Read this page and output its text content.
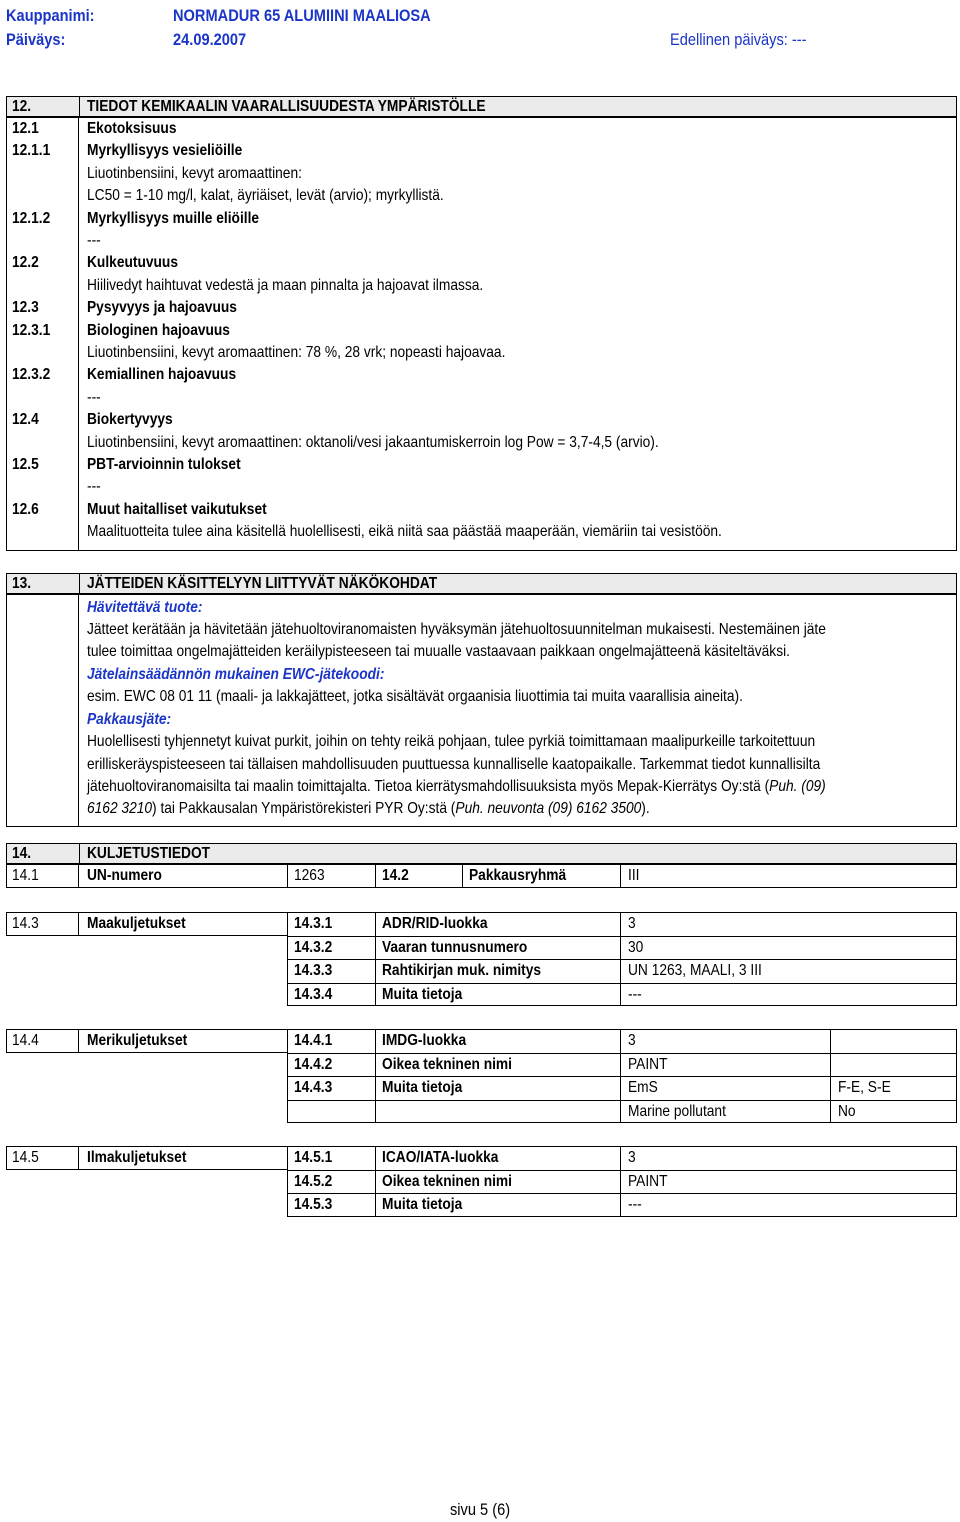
Kauppanimi:	NORMADUR 65 ALUMIINI MAALIOSA
Päiväys:	24.09.2007	Edellinen päiväys: ---
12.	TIEDOT KEMIKAALIN VAARALLISUUDESTA YMPÄRISTÖLLE
12.1	Ekotoksisuus
12.1.1 Myrkyllisyys vesieliöille
Liuotinbensiini, kevyt aromaattinen:
LC50 = 1-10 mg/l, kalat, äyriäiset, levät (arvio); myrkyllistä.
12.1.2 Myrkyllisyys muille eliöille
---
12.2	Kulkeutuvuus
Hiilivedyt haihtuvat vedestä ja maan pinnalta ja hajoavat ilmassa.
12.3	Pysyvyys ja hajoavuus
12.3.1 Biologinen hajoavuus
Liuotinbensiini, kevyt aromaattinen: 78 %, 28 vrk; nopeasti hajoavaa.
12.3.2 Kemiallinen hajoavuus
---
12.4	Biokertyvyys
Liuotinbensiini, kevyt aromaattinen: oktanoli/vesi jakaantumiskerroin log Pow = 3,7-4,5 (arvio).
12.5	PBT-arvioinnin tulokset
---
12.6	Muut haitalliset vaikutukset
Maalituotteita tulee aina käsitellä huolellisesti, eikä niitä saa päästää maaperään, viemäriin tai vesistöön.
13.	JÄTTEIDEN KÄSITTELYYN LIITTYVÄT NÄKÖKOHDAT
Hävitettävä tuote:
Jätteet kerätään ja hävitetään jätehuoltoviranomaisten hyväksymän jätehuoltosuunnitelman mukaisesti. Nestemäinen jäte
tulee toimittaa ongelmajätteiden keräilypisteeseen tai muualle vastaavaan paikkaan ongelmajätteenä käsiteltäväksi.
Jätelainsäädännön mukainen EWC-jätekoodi:
esim. EWC 08 01 11 (maali- ja lakkajätteet, jotka sisältävät orgaanisia liuottimia tai muita vaarallisia aineita).
Pakkausjäte:
Huolellisesti tyhjennetyt kuivat purkit, joihin on tehty reikä pohjaan, tulee pyrkiä toimittamaan maalipurkeille tarkoitettuun
erilliskeräyspisteeseen tai tällaisen mahdollisuuden puuttuessa kunnalliselle kaatopaikalle. Tarkemmat tiedot kunnallisilta
jätehuoltoviranomaisilta tai maalin toimittajalta. Tietoa kierrätysmahdollisuuksista myös Mepak-Kierrätys Oy:stä (Puh. (09)
6162 3210) tai Pakkausalan Ympäristörekisteri PYR Oy:stä (Puh. neuvonta (09) 6162 3500).
14.	KULJETUSTIEDOT
14.1	UN-numero	1263	14.2	Pakkausryhmä	III
14.3	Maakuljetukset	14.3.1	ADR/RID-luokka	3
14.3.2	Vaaran tunnusnumero	30
14.3.3	Rahtikirjan muk. nimitys	UN 1263, MAALI, 3 III
14.3.4	Muita tietoja	---
14.4	Merikuljetukset	14.4.1	IMDG-luokka	3
14.4.2	Oikea tekninen nimi	PAINT
14.4.3	Muita tietoja	EmS	F-E, S-E
Marine pollutant	No
14.5	Ilmakuljetukset	14.5.1	ICAO/IATA-luokka	3
14.5.2	Oikea tekninen nimi	PAINT
14.5.3	Muita tietoja	---
sivu 5 (6)
